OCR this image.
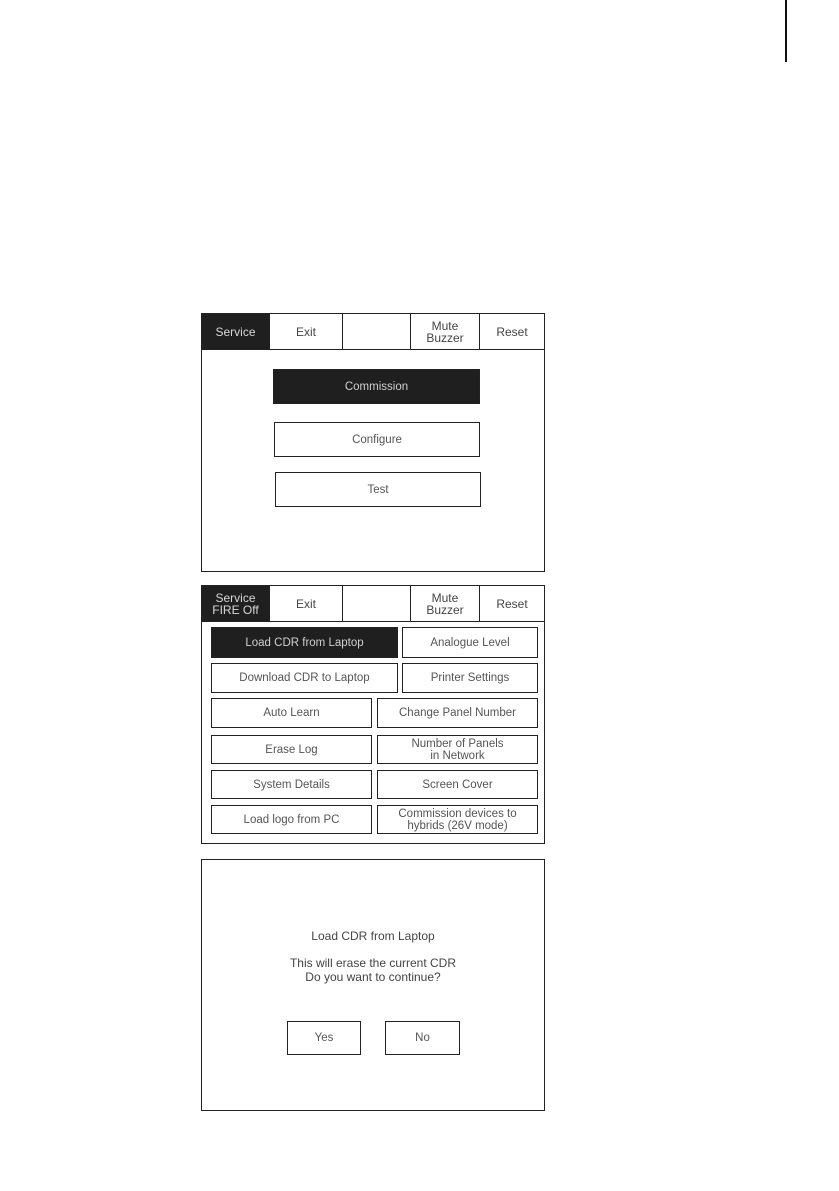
Service	Exit	Mute
Buzzer	Reset
Commission
Configure
Test
Service
FIRE Off	Exit	Mute
Buzzer	Reset
Load CDR from Laptop	Analogue Level
Download CDR to Laptop	Printer Settings
Auto Learn	Change Panel Number
Erase Log	Number of Panels
in Network
System Details	Screen Cover
Load logo from PC	Commission devices to
hybrids (26V mode)
Load CDR from Laptop
This will erase the current CDR
Do you want to continue?
Yes	No
